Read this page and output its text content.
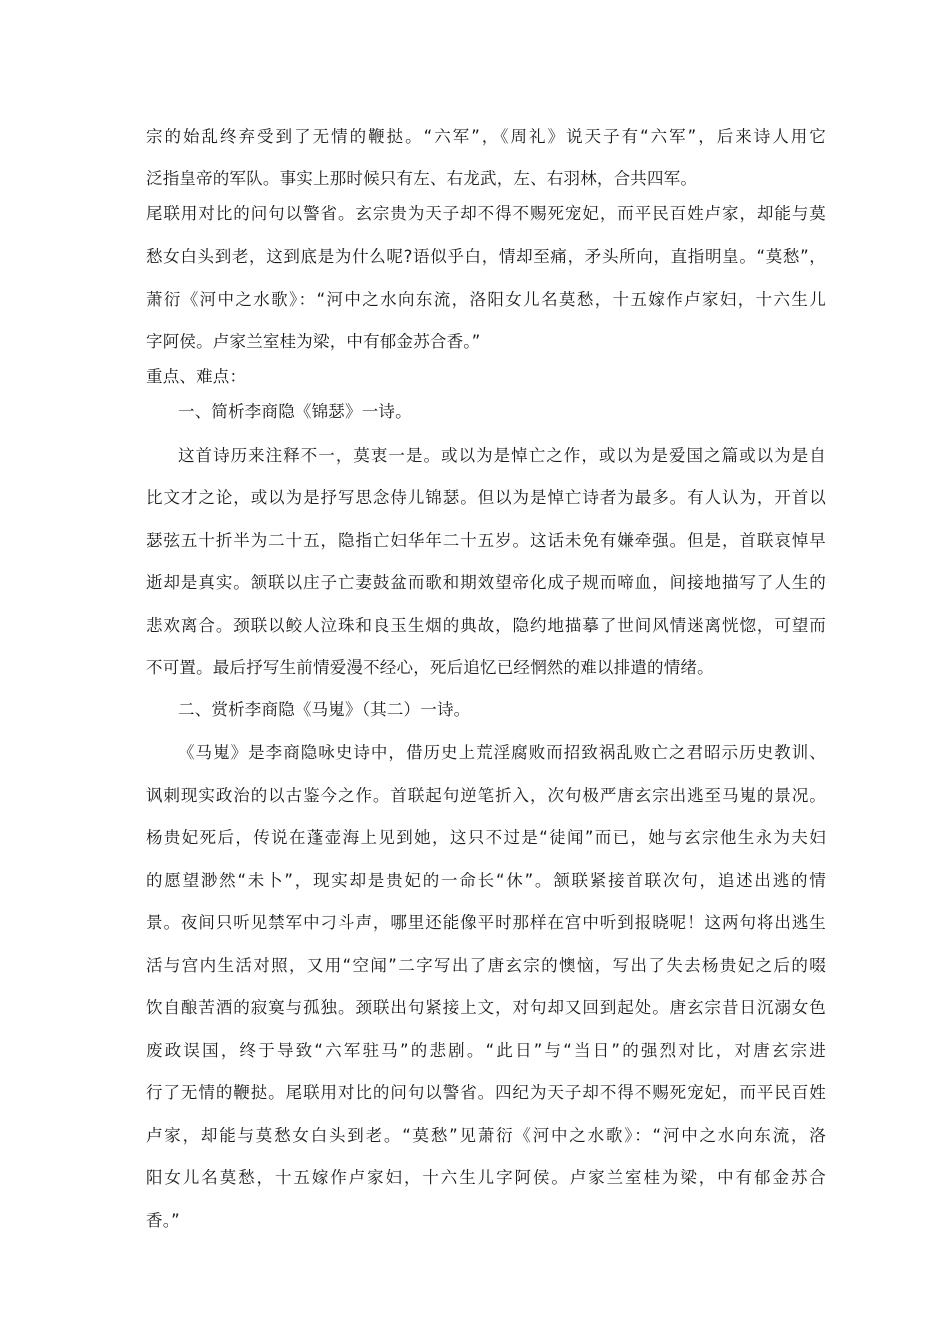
宗的始乱终弃受到了无情的鞭挞。“六军”，《周礼》说天子有“六军”，后来诗人用它
泛指皇帝的军队。事实上那时候只有左、右龙武，左、右羽林，合共四军。
尾联用对比的问句以警省。玄宗贵为天子却不得不赐死宠妃，而平民百姓卢家，却能与莫
愁女白头到老，这到底是为什么呢?语似乎白，情却至痛，矛头所向，直指明皇。“莫愁”，
萧衍《河中之水歌》：“河中之水向东流，洛阳女儿名莫愁，十五嫁作卢家妇，十六生儿
字阿侯。卢家兰室桂为梁，中有郁金苏合香。”
重点、难点：
一、简析李商隐《锦瑟》一诗。
这首诗历来注释不一，莫衷一是。或以为是悼亡之作，或以为是爱国之篇或以为是自
比文才之论，或以为是抒写思念侍儿锦瑟。但以为是悼亡诗者为最多。有人认为，开首以
瑟弦五十折半为二十五，隐指亡妇华年二十五岁。这话未免有嫌牵强。但是，首联哀悼早
逝却是真实。颔联以庄子亡妻鼓盆而歌和期效望帝化成子规而啼血，间接地描写了人生的
悲欢离合。颈联以鲛人泣珠和良玉生烟的典故，隐约地描摹了世间风情迷离恍惚，可望而
不可置。最后抒写生前情爱漫不经心，死后追忆已经惘然的难以排遣的情绪。
二、赏析李商隐《马嵬》（其二）一诗。
《马嵬》是李商隐咏史诗中，借历史上荒淫腐败而招致祸乱败亡之君昭示历史教训、
讽刺现实政治的以古鉴今之作。首联起句逆笔折入，次句极严唐玄宗出逃至马嵬的景况。
杨贵妃死后，传说在蓬壶海上见到她，这只不过是“徒闻”而已，她与玄宗他生永为夫妇
的愿望渺然“未卜”，现实却是贵妃的一命长“休”。颔联紧接首联次句，追述出逃的情
景。夜间只听见禁军中刁斗声，哪里还能像平时那样在宫中听到报晓呢！这两句将出逃生
活与宫内生活对照，又用“空闻”二字写出了唐玄宗的懊恼，写出了失去杨贵妃之后的啜
饮自酿苦酒的寂寞与孤独。颈联出句紧接上文，对句却又回到起处。唐玄宗昔日沉溺女色
废政误国，终于导致“六军驻马”的悲剧。“此日”与“当日”的强烈对比，对唐玄宗进
行了无情的鞭挞。尾联用对比的问句以警省。四纪为天子却不得不赐死宠妃，而平民百姓
卢家，却能与莫愁女白头到老。“莫愁”见萧衍《河中之水歌》：“河中之水向东流，洛
阳女儿名莫愁，十五嫁作卢家妇，十六生儿字阿侯。卢家兰室桂为梁，中有郁金苏合
香。”
